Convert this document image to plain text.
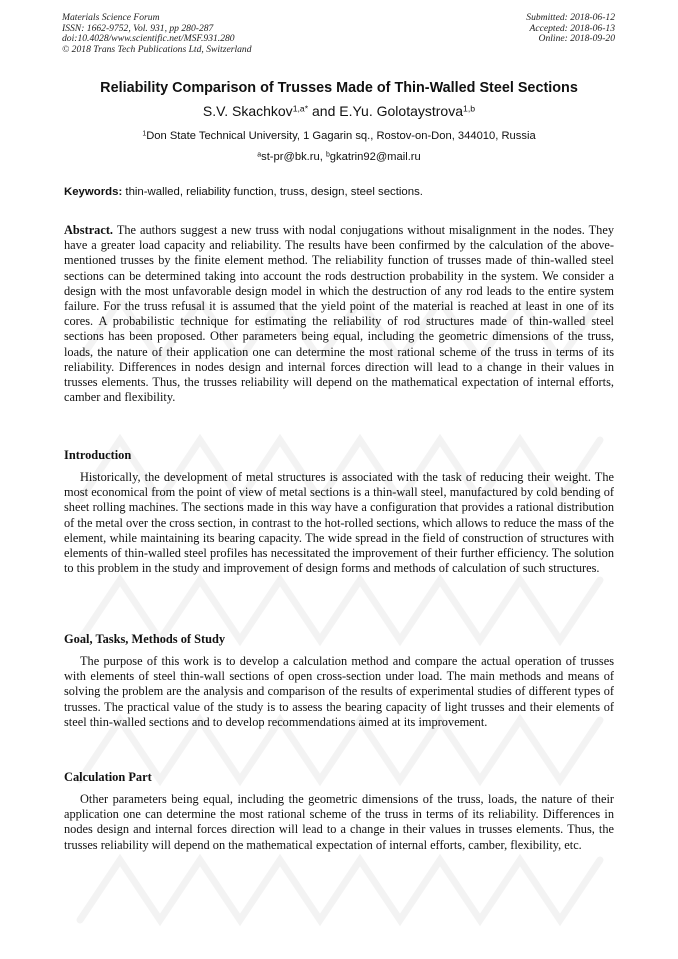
Materials Science Forum
ISSN: 1662-9752, Vol. 931, pp 280-287
doi:10.4028/www.scientific.net/MSF.931.280
© 2018 Trans Tech Publications Ltd, Switzerland
Submitted: 2018-06-12
Accepted: 2018-06-13
Online: 2018-09-20
Reliability Comparison of Trusses Made of Thin-Walled Steel Sections
S.V. Skachkov$^{1,a*}$ and E.Yu. Golotaystrova$^{1,b}$
$^1$Don State Technical University, 1 Gagarin sq., Rostov-on-Don, 344010, Russia
$^a$st-pr@bk.ru, $^b$gkatrin92@mail.ru
Keywords: thin-walled, reliability function, truss, design, steel sections.

Abstract. The authors suggest a new truss with nodal conjugations without misalignment in the nodes. They have a greater load capacity and reliability. The results have been confirmed by the calculation of the above-mentioned trusses by the finite element method. The reliability function of trusses made of thin-walled steel sections can be determined taking into account the rods destruction probability in the system. We consider a design with the most unfavorable design model in which the destruction of any rod leads to the entire system failure. For the truss refusal it is assumed that the yield point of the material is reached at least in one of its cores. A probabilistic technique for estimating the reliability of rod structures made of thin-walled steel sections has been proposed. Other parameters being equal, including the geometric dimensions of the truss, loads, the nature of their application one can determine the most rational scheme of the truss in terms of its reliability. Differences in nodes design and internal forces direction will lead to a change in their values in trusses elements. Thus, the trusses reliability will depend on the mathematical expectation of internal efforts, camber and flexibility.

Introduction

Historically, the development of metal structures is associated with the task of reducing their weight. The most economical from the point of view of metal sections is a thin-wall steel, manufactured by cold bending of sheet rolling machines. The sections made in this way have a configuration that provides a rational distribution of the metal over the cross section, in contrast to the hot-rolled sections, which allows to reduce the mass of the element, while maintaining its bearing capacity. The wide spread in the field of construction of structures with elements of thin-walled steel profiles has necessitated the improvement of their further efficiency. The solution to this problem in the study and improvement of design forms and methods of calculation of such structures.

Goal, Tasks, Methods of Study

The purpose of this work is to develop a calculation method and compare the actual operation of trusses with elements of steel thin-wall sections of open cross-section under load. The main methods and means of solving the problem are the analysis and comparison of the results of experimental studies of different types of trusses. The practical value of the study is to assess the bearing capacity of light trusses and their elements of steel thin-walled sections and to develop recommendations aimed at its improvement.

Calculation Part

Other parameters being equal, including the geometric dimensions of the truss, loads, the nature of their application one can determine the most rational scheme of the truss in terms of its reliability. Differences in nodes design and internal forces direction will lead to a change in their values in trusses elements. Thus, the trusses reliability will depend on the mathematical expectation of internal efforts, camber, flexibility, etc.
